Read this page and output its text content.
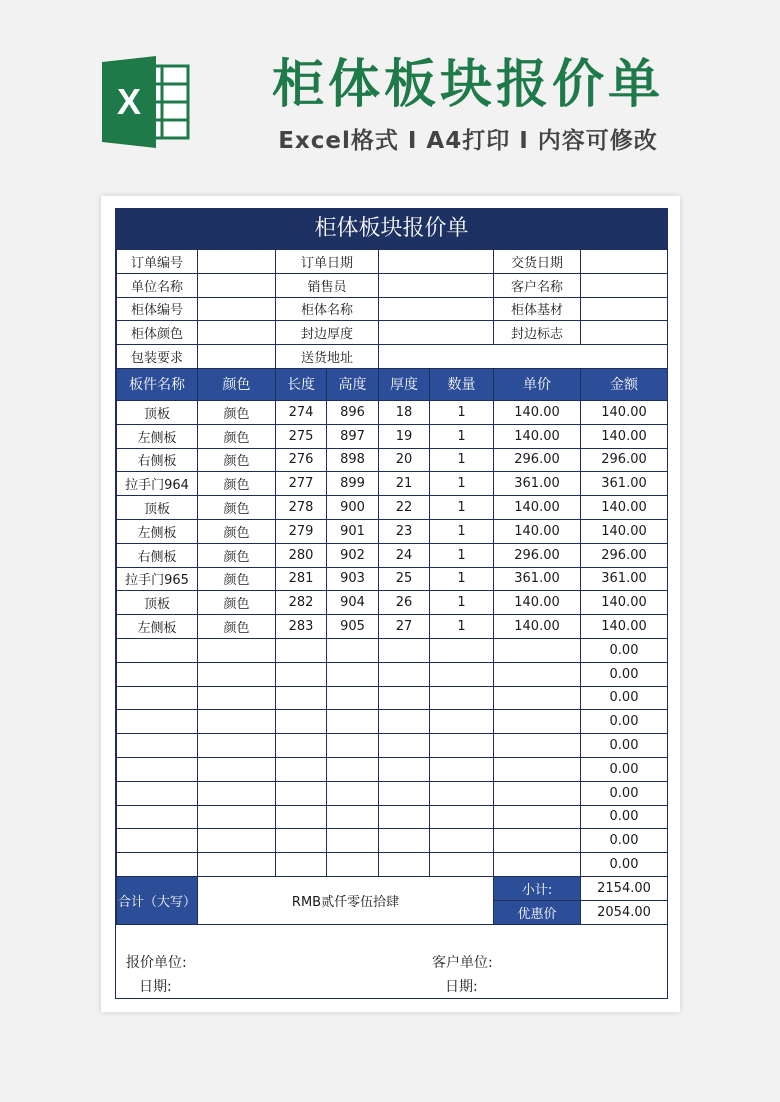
X	柜体板块报价单
Excel格式 I A4打印 I 内容可修改
柜体板块报价单
订单编号		订单日期				交货日期	
单位名称		销售员				客户名称	
柜体编号		柜体名称				柜体基材	
柜体颜色		封边厚度				封边标志	
包装要求		送货地址					
板件名称	颜色	长度	高度	厚度	数量	单价	金额
顶板	颜色	274	896	18	1	140.00	140.00
左侧板	颜色	275	897	19	1	140.00	140.00
右侧板	颜色	276	898	20	1	296.00	296.00
拉手门964	颜色	277	899	21	1	361.00	361.00
顶板	颜色	278	900	22	1	140.00	140.00
左侧板	颜色	279	901	23	1	140.00	140.00
右侧板	颜色	280	902	24	1	296.00	296.00
拉手门965	颜色	281	903	25	1	361.00	361.00
顶板	颜色	282	904	26	1	140.00	140.00
左侧板	颜色	283	905	27	1	140.00	140.00
							0.00
							0.00
							0.00
							0.00
							0.00
							0.00
							0.00
							0.00
							0.00
							0.00
合计（大写）	RMB贰仟零伍拾肆					小计:	2154.00
						优惠价	2054.00
报价单位:
日期:
客户单位:
日期:
